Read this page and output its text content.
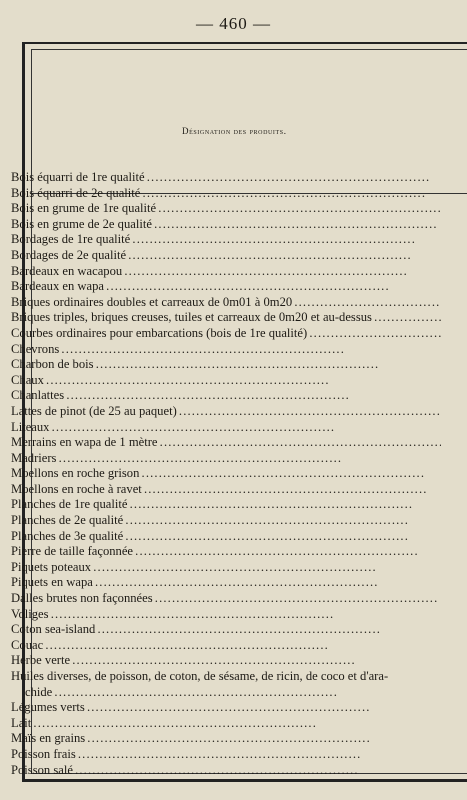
— 460 —
Désignation des produits.
Bois équarri de 1re qualité . . .
Bois équarri de 2e qualité . . .
Bois en grume de 1re qualité . . .
Bois en grume de 2e qualité . . .
Bordages de 1re qualité . . .
Bordages de 2e qualité . . .
Bardeaux en wacapou . . .
Bardeaux en wapa . . .
Briques ordinaires doubles et carreaux de 0m01 à 0m20 . . .
Briques triples, briques creuses, tuiles et carreaux de 0m20 et au-dessus . . .
Courbes ordinaires pour embarcations (bois de 1re qualité) . . .
Chevrons . . .
Charbon de bois . . .
Chaux . . .
Chanlattes . . .
Lattes de pinot (de 25 au paquet) . . .
Liteaux . . .
Merrains en wapa de 1 mètre . . .
Madriers . . .
Moellons en roche grison . . .
Moellons en roche à ravet . . .
Planches de 1re qualité . . .
Planches de 2e qualité . . .
Planches de 3e qualité . . .
Pierre de taille façonnée . . .
Piquets poteaux . . .
Piquets en wapa . . .
Dalles brutes non façonnées . . .
Voliges . . .
Coton sea-island . . .
Couac . . .
Herbe verte . . .
Huiles diverses, de poisson, de coton, de sésame, de ricin, de coco et d'ara-
chide . . .
Légumes verts . . .
Lait . . .
Maïs en grains . . .
Poisson frais . . .
Poisson salé . . .
